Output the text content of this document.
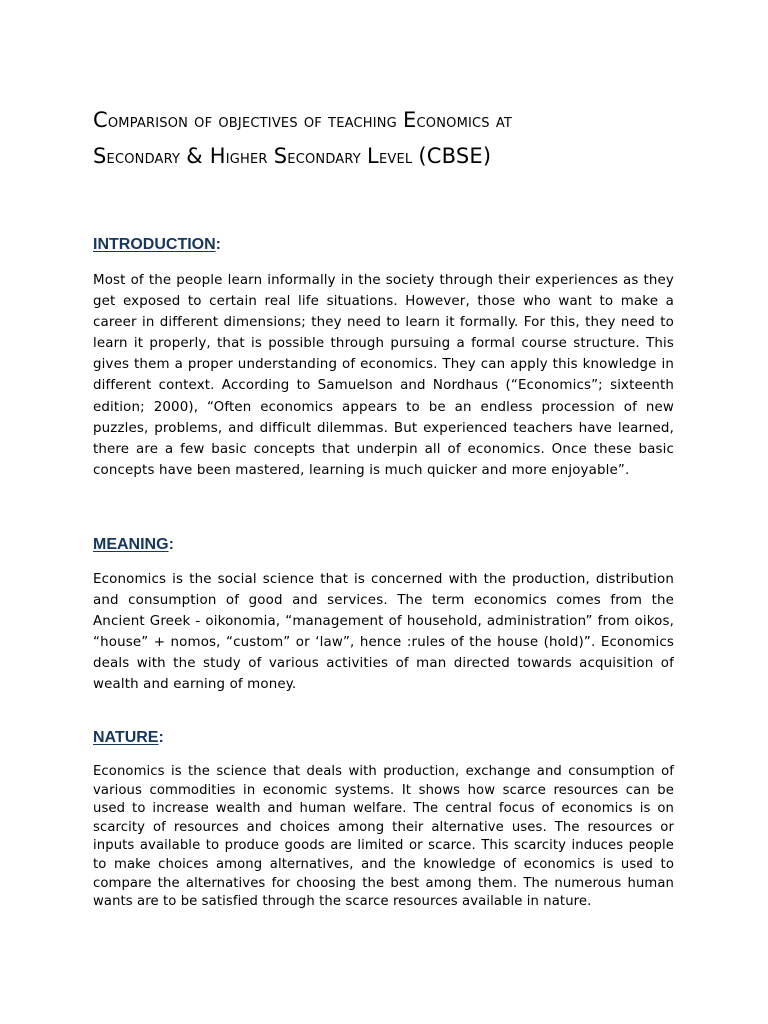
Comparison of objectives of teaching Economics at
Secondary & Higher Secondary Level (CBSE)
INTRODUCTION:

Most of the people learn informally in the society through their experiences as they get exposed to certain real life situations. However, those who want to make a career in different dimensions; they need to learn it formally. For this, they need to learn it properly, that is possible through pursuing a formal course structure. This gives them a proper understanding of economics. They can apply this knowledge in different context. According to Samuelson and Nordhaus (“Economics”; sixteenth edition; 2000), “Often economics appears to be an endless procession of new puzzles, problems, and difficult dilemmas. But experienced teachers have learned, there are a few basic concepts that underpin all of economics. Once these basic concepts have been mastered, learning is much quicker and more enjoyable”.

MEANING:

Economics is the social science that is concerned with the production, distribution and consumption of good and services. The term economics comes from the Ancient Greek - oikonomia, “management of household, administration” from oikos, “house” + nomos, “custom” or ‘law”, hence :rules of the house (hold)”. Economics deals with the study of various activities of man directed towards acquisition of wealth and earning of money.

NATURE:

Economics is the science that deals with production, exchange and consumption of various commodities in economic systems. It shows how scarce resources can be used to increase wealth and human welfare. The central focus of economics is on scarcity of resources and choices among their alternative uses. The resources or inputs available to produce goods are limited or scarce. This scarcity induces people to make choices among alternatives, and the knowledge of economics is used to compare the alternatives for choosing the best among them. The numerous human wants are to be satisfied through the scarce resources available in nature.
